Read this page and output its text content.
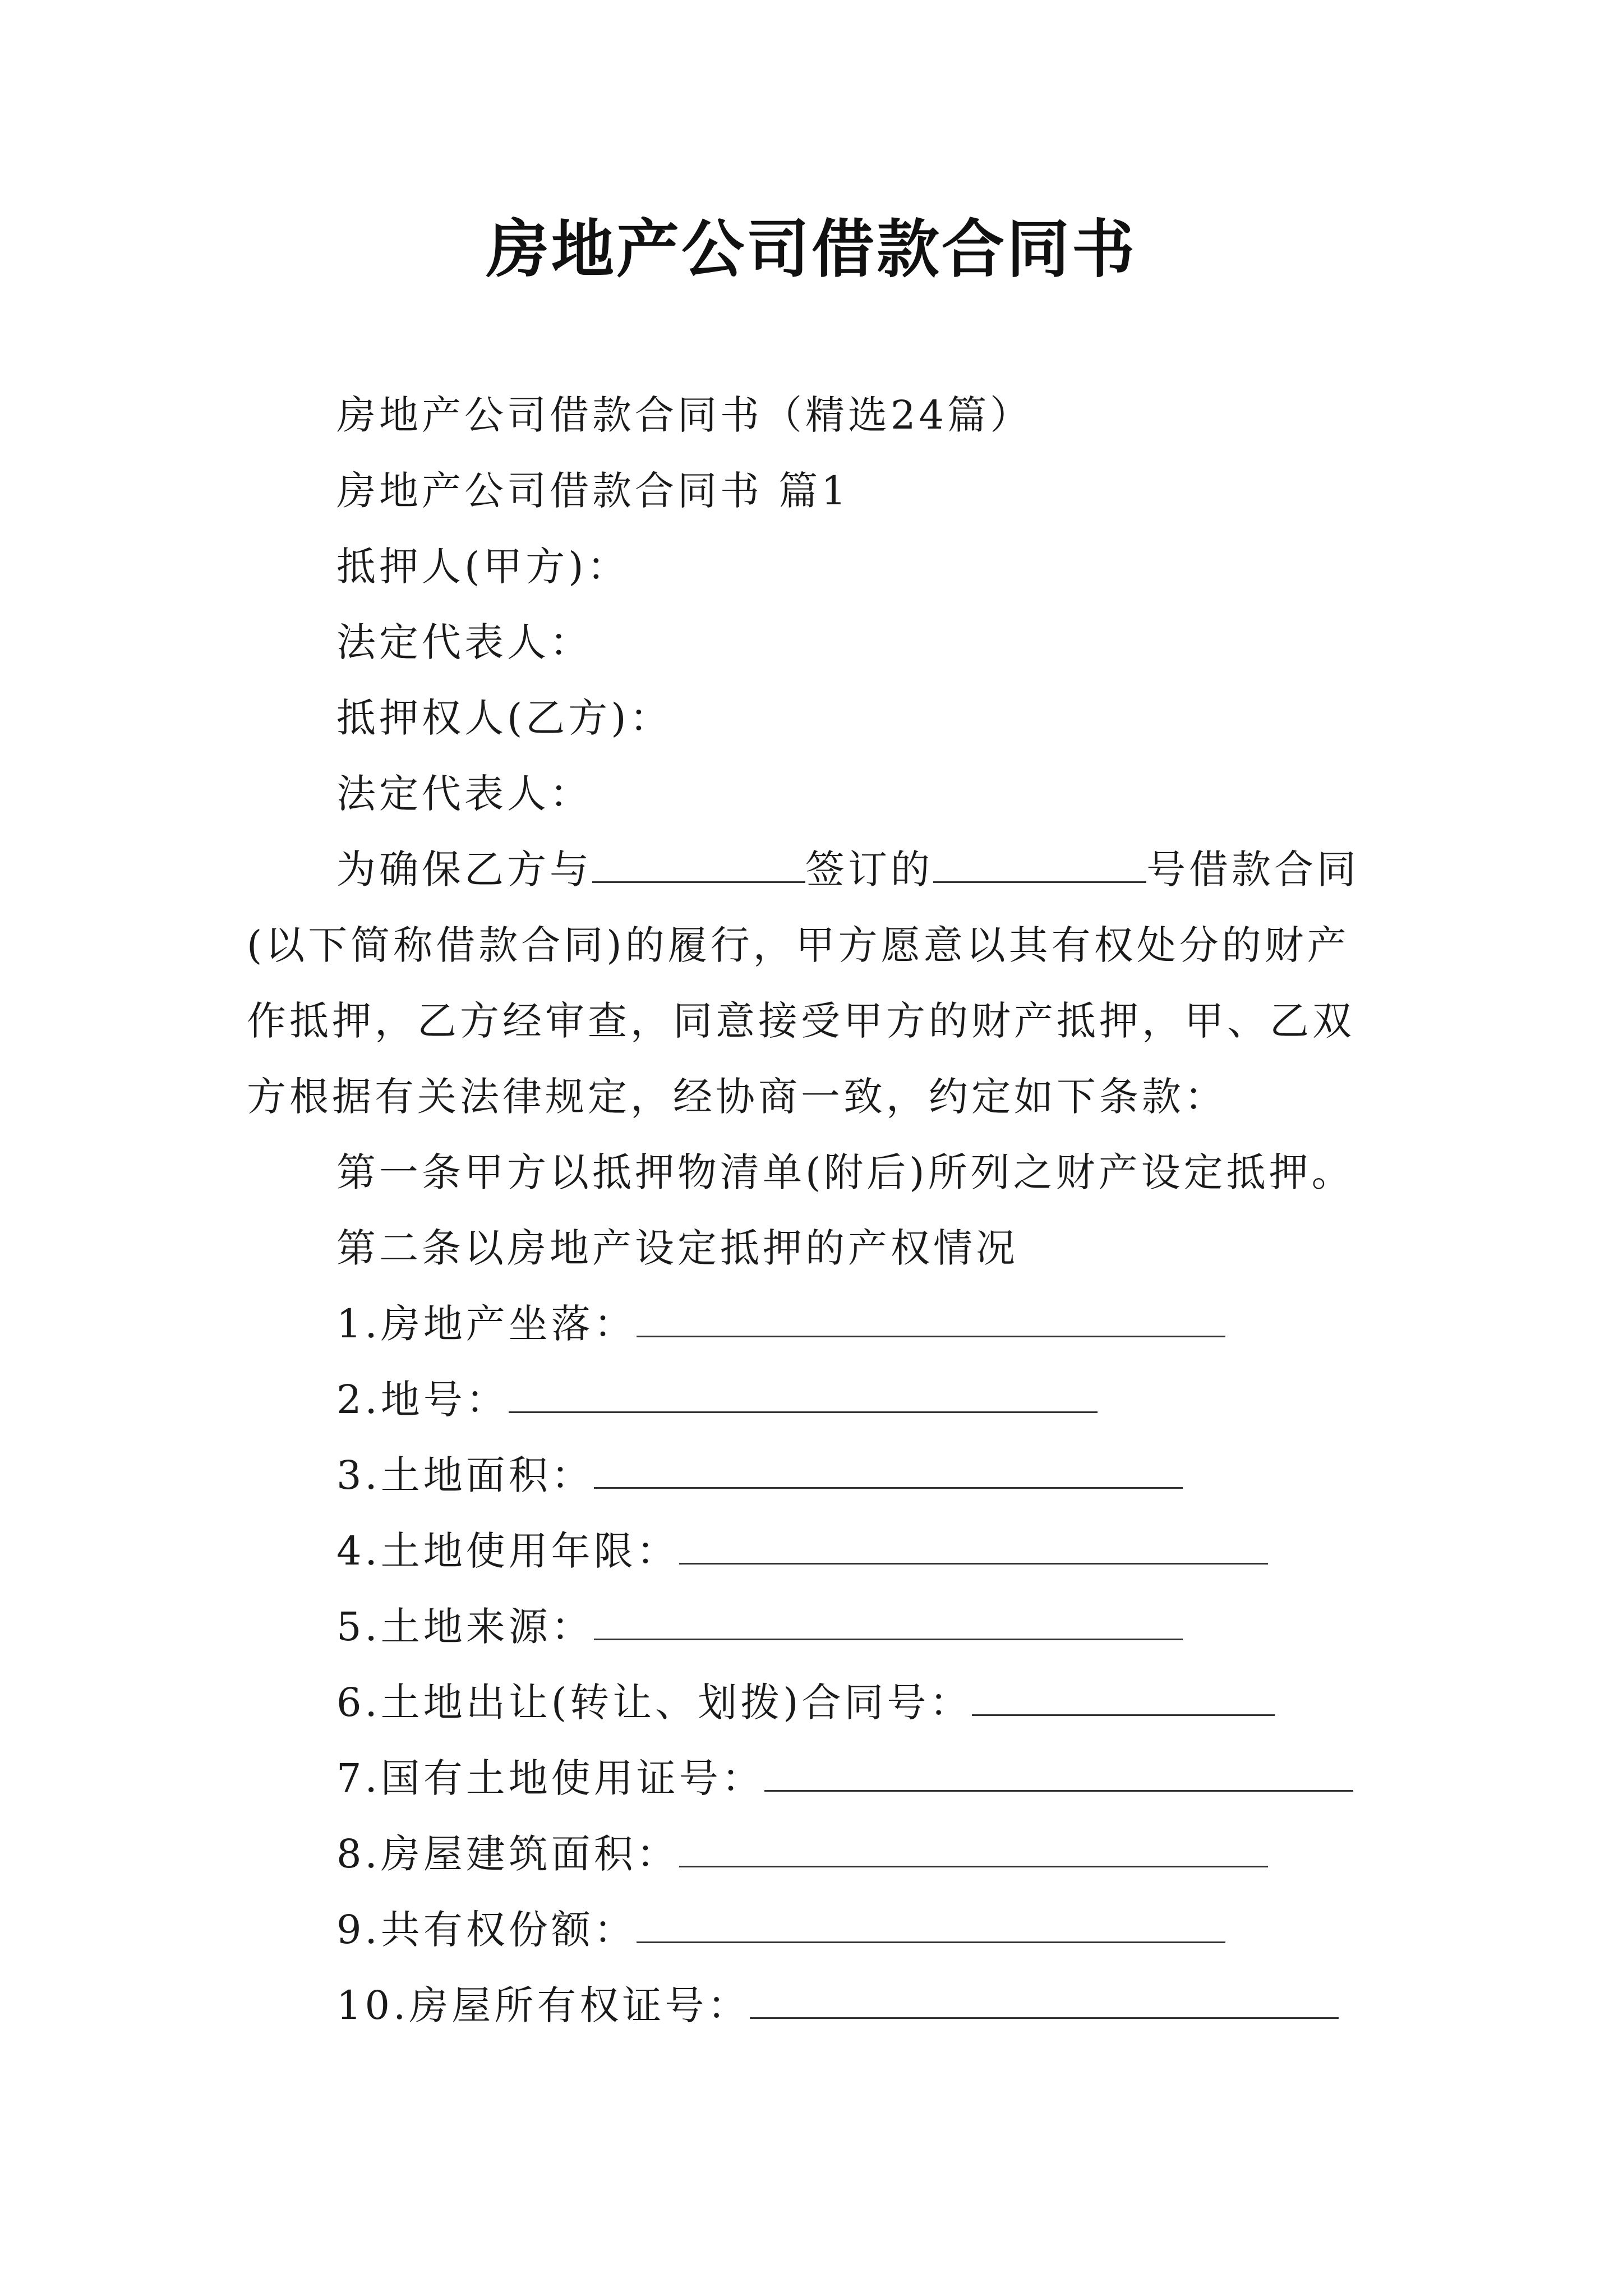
房地产公司借款合同书
房地产公司借款合同书（精选24篇）
房地产公司借款合同书 篇1
抵押人(甲方)：
法定代表人：
抵押权人(乙方)：
法定代表人：
为确保乙方与	签订的	号借款合同
(以下简称借款合同)的履行，甲方愿意以其有权处分的财产
作抵押，乙方经审查，同意接受甲方的财产抵押，甲、乙双
方根据有关法律规定，经协商一致，约定如下条款：
第一条甲方以抵押物清单(附后)所列之财产设定抵押。
第二条以房地产设定抵押的产权情况
1.房地产坐落：
2.地号：
3.土地面积：
4.土地使用年限：
5.土地来源：
6.土地出让(转让、划拨)合同号：
7.国有土地使用证号：
8.房屋建筑面积：
9.共有权份额：
10.房屋所有权证号：
